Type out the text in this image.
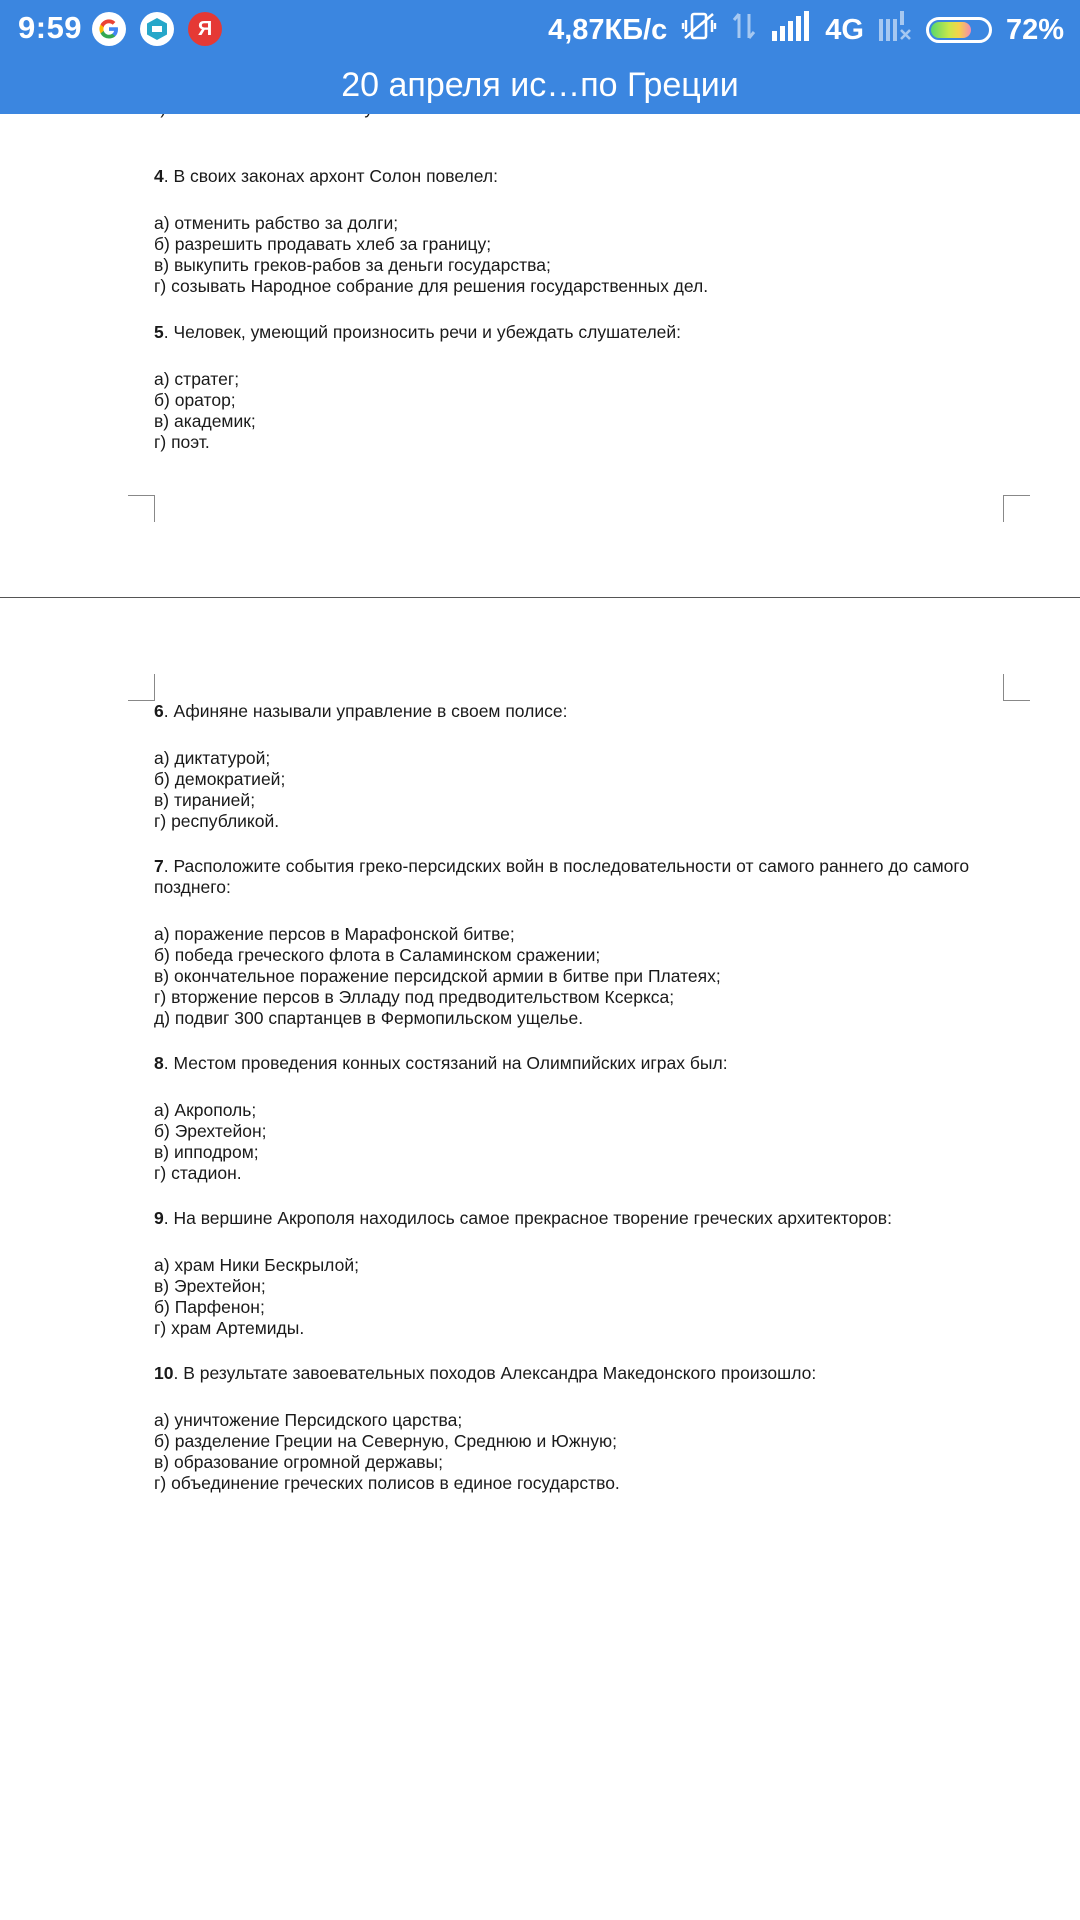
4. В своих законах архонт Солон повелел:

а) отменить рабство за долги;
б) разрешить продавать хлеб за границу;
в) выкупить греков-рабов за деньги государства;
г) созывать Народное собрание для решения государственных дел.

5. Человек, умеющий произносить речи и убеждать слушателей:

а) стратег;
б) оратор;
в) академик;
г) поэт.

6. Афиняне называли управление в своем полисе:

а) диктатурой;
б) демократией;
в) тиранией;
г) республикой.

7. Расположите события греко-персидских войн в последовательности от самого раннего до самого позднего:

а) поражение персов в Марафонской битве;
б) победа греческого флота в Саламинском сражении;
в) окончательное поражение персидской армии в битве при Платеях;
г) вторжение персов в Элладу под предводительством Ксеркса;
д) подвиг 300 спартанцев в Фермопильском ущелье.

8. Местом проведения конных состязаний на Олимпийских играх был:

а) Акрополь;
б) Эрехтейон;
в) ипподром;
г) стадион.

9. На вершине Акрополя находилось самое прекрасное творение греческих архитекторов:

а) храм Ники Бескрылой;
в) Эрехтейон;
б) Парфенон;
г) храм Артемиды.

10. В результате завоевательных походов Александра Македонского произошло:

а) уничтожение Персидского царства;
б) разделение Греции на Северную, Среднюю и Южную;
в) образование огромной державы;
г) объединение греческих полисов в единое государство.
9:59	Я	4,87КБ/с	4G	72%
20 апреля ис…по Греции
